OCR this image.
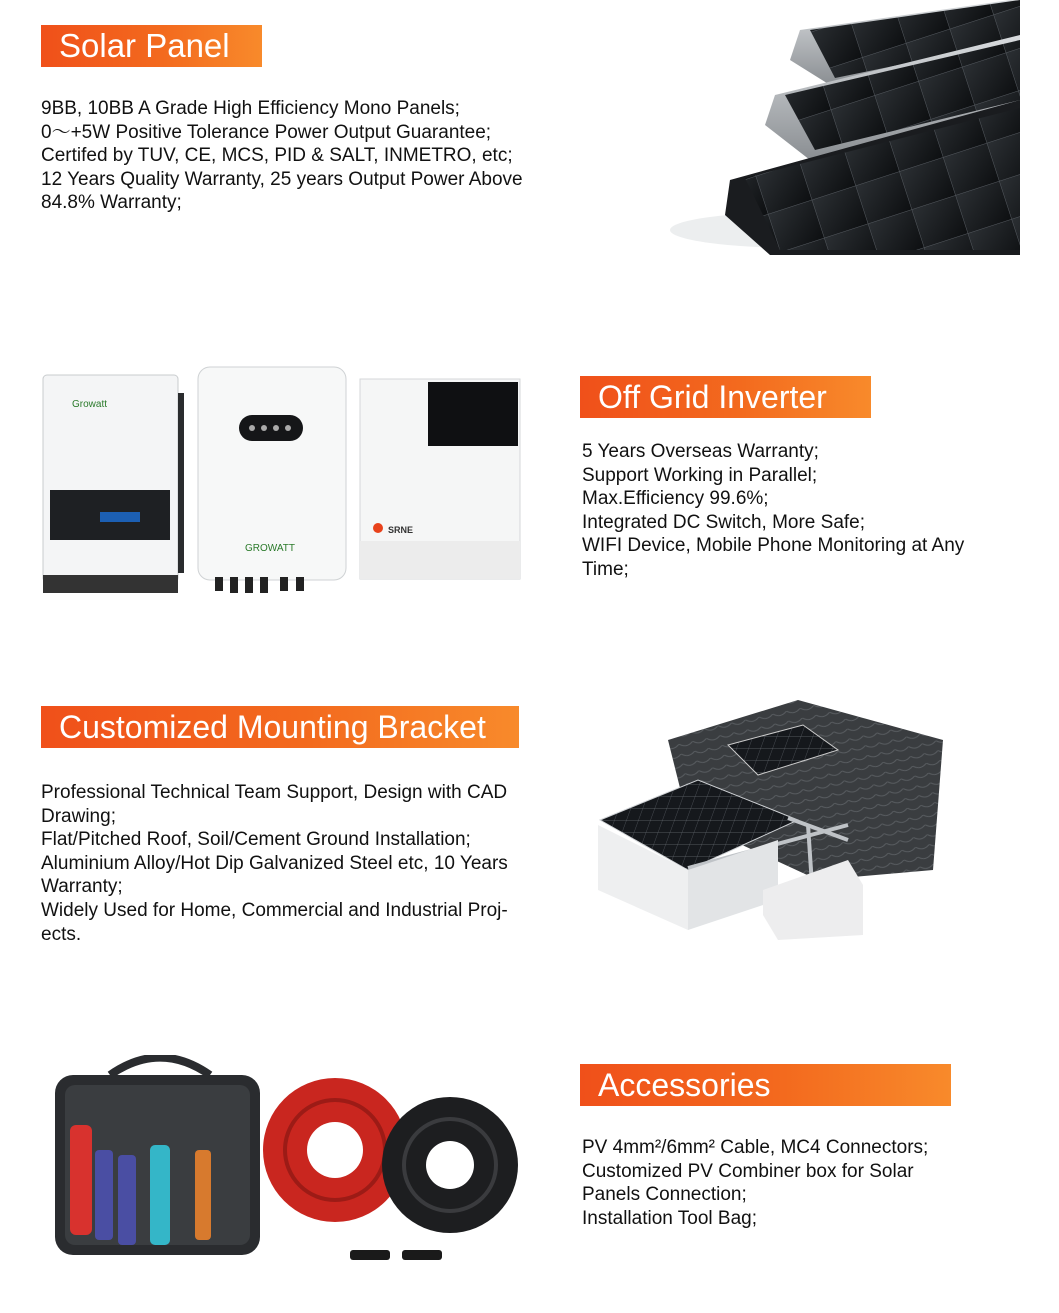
Solar Panel
9BB, 10BB A Grade High Efficiency Mono Panels;
0～+5W Positive Tolerance Power Output Guarantee;
Certifed by TUV, CE, MCS, PID & SALT, INMETRO, etc;
12 Years Quality Warranty, 25 years Output Power Above
84.8% Warranty;
Growatt
GROWATT
SRNE
Off Grid Inverter
5 Years Overseas Warranty;
Support Working in Parallel;
Max.Efficiency 99.6%;
Integrated DC Switch, More Safe;
WIFI Device, Mobile Phone Monitoring at Any
Time;
Customized Mounting Bracket
Professional Technical Team Support, Design with CAD
Drawing;
Flat/Pitched Roof, Soil/Cement Ground Installation;
Aluminium Alloy/Hot Dip Galvanized Steel etc, 10 Years
Warranty;
Widely Used for Home, Commercial and Industrial Proj-
ects.
Accessories
PV 4mm²/6mm² Cable, MC4 Connectors;
Customized PV Combiner box for Solar
Panels Connection;
Installation Tool Bag;
